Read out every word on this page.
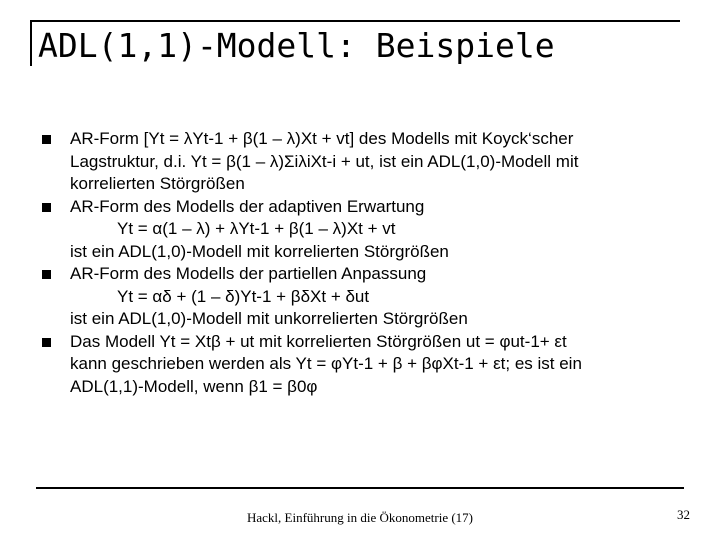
ADL(1,1)-Modell: Beispiele
AR-Form [Yt = λYt-1 + β(1 – λ)Xt + vt] des Modells mit Koyck‘scher
Lagstruktur, d.i. Yt = β(1 – λ)ΣiλiXt-i + ut, ist ein ADL(1,0)-Modell mit
korrelierten Störgrößen
AR-Form des Modells der adaptiven Erwartung
Yt = α(1 – λ) + λYt-1 + β(1 – λ)Xt + vt
ist ein ADL(1,0)-Modell mit korrelierten Störgrößen
AR-Form des Modells der partiellen Anpassung
Yt = αδ + (1 – δ)Yt-1 + βδXt + δut
ist ein ADL(1,0)-Modell mit unkorrelierten Störgrößen
Das Modell Yt = Xtβ + ut mit korrelierten Störgrößen ut = φut-1+ εt
kann geschrieben werden als Yt = φYt-1 + β + βφXt-1 + εt; es ist ein
ADL(1,1)-Modell, wenn β1 = β0φ
Hackl, Einführung in die Ökonometrie (17)	32
